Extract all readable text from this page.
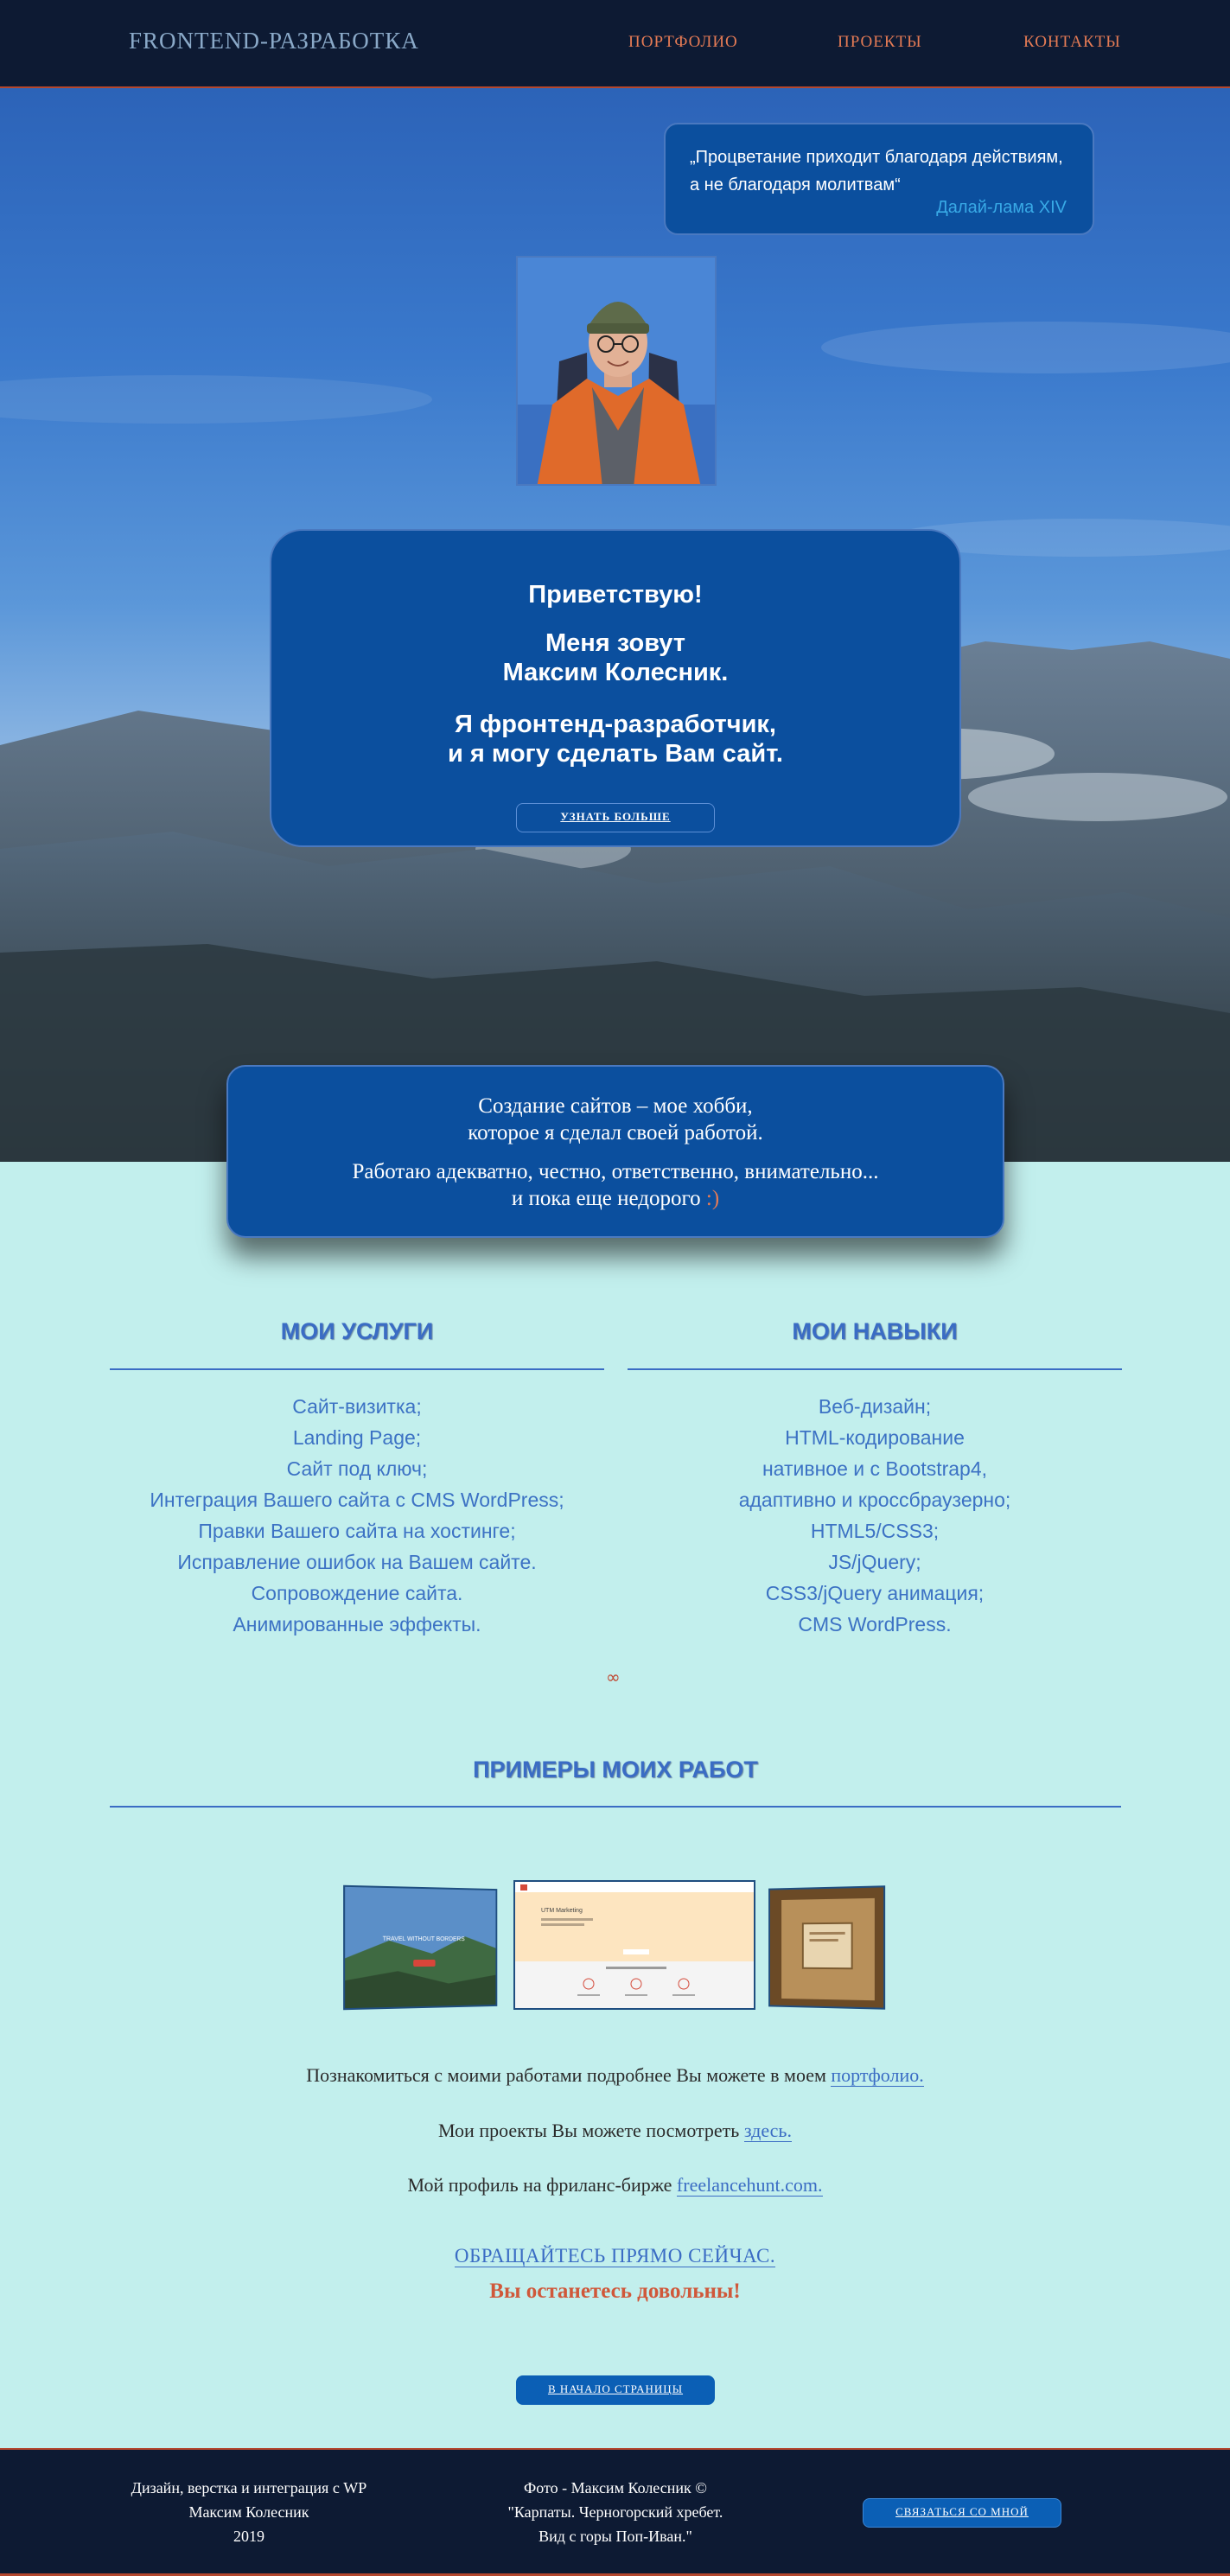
FRONTEND-РАЗРАБОТКА	ПОРТФОЛИО	ПРОЕКТЫ	КОНТАКТЫ
„Процветание приходит благодаря действиям,
а не благодаря молитвам“
Далай-лама XIV
Приветствую!
Меня зовут
Максим Колесник.
Я фронтенд-разработчик,
и я могу сделать Вам сайт.
УЗНАТЬ БОЛЬШЕ
Создание сайтов – мое хобби,
которое я сделал своей работой.
Работаю адекватно, честно, ответственно, внимательно...
и пока еще недорого :)
МОИ УСЛУГИ
Сайт-визитка;
Landing Page;
Сайт под ключ;
Интеграция Вашего сайта с CMS WordPress;
Правки Вашего сайта на хостинге;
Исправление ошибок на Вашем сайте.
Сопровождение сайта.
Анимированные эффекты.
МОИ НАВЫКИ
Веб-дизайн;
HTML-кодирование
нативное и с Bootstrap4,
адаптивно и кроссбраузерно;
HTML5/CSS3;
JS/jQuery;
CSS3/jQuery анимация;
CMS WordPress.
∞
ПРИМЕРЫ МОИХ РАБОТ
TRAVEL WITHOUT BORDERS
UTM Marketing
Познакомиться с моими работами подробнее Вы можете в моем портфолио.
Мои проекты Вы можете посмотреть здесь.
Мой профиль на фриланс-бирже freelancehunt.com.
ОБРАЩАЙТЕСЬ ПРЯМО СЕЙЧАС.
Вы останетесь довольны!
В НАЧАЛО СТРАНИЦЫ
Дизайн, верстка и интеграция с WP
Максим Колесник
2019
Фото - Максим Колесник ©
"Карпаты. Черногорский хребет.
Вид с горы Поп-Иван."
СВЯЗАТЬСЯ СО МНОЙ
